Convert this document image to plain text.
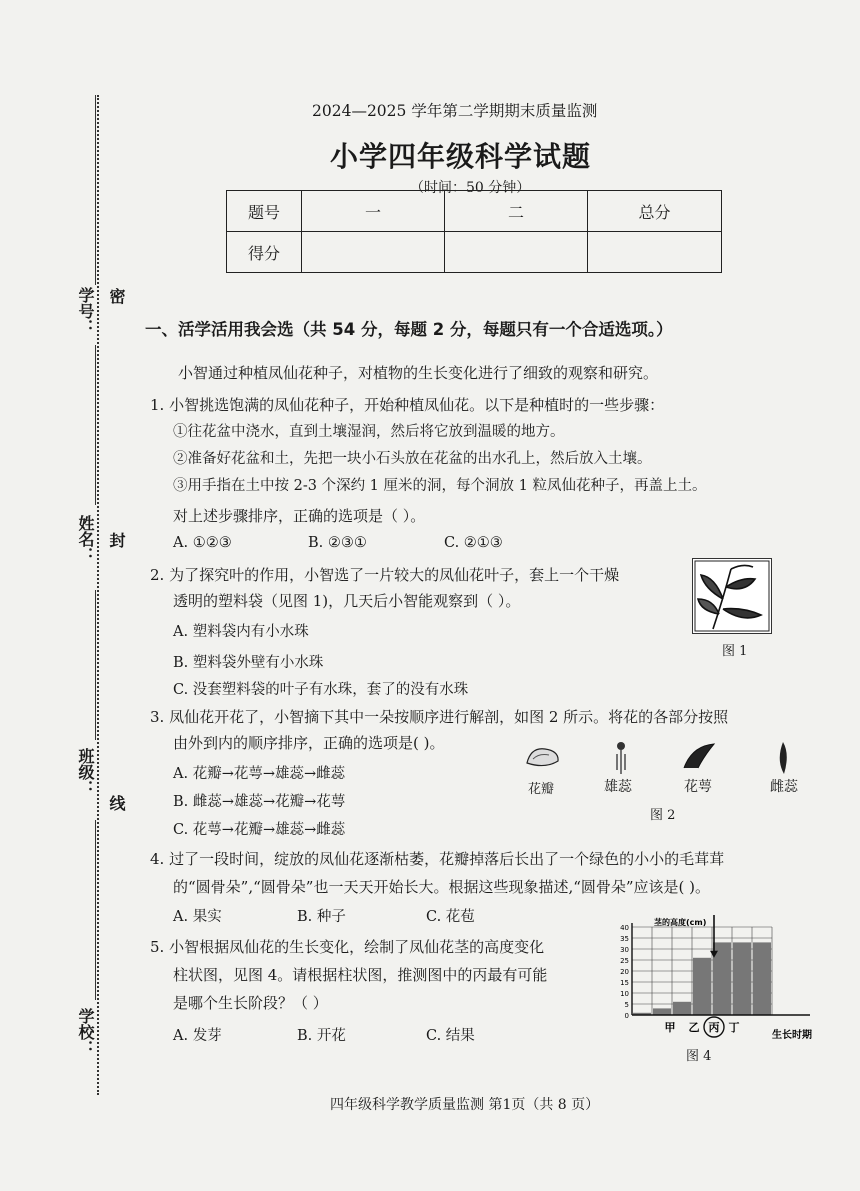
学号： 密
姓名： 封
班级：
线
学校：
2024—2025 学年第二学期期末质量监测
小学四年级科学试题
（时间：50 分钟）
题号	一	二	总分
得分			
一、活学活用我会选（共 54 分，每题 2 分，每题只有一个合适选项。）
小智通过种植凤仙花种子，对植物的生长变化进行了细致的观察和研究。
1. 小智挑选饱满的凤仙花种子，开始种植凤仙花。以下是种植时的一些步骤：
①往花盆中浇水，直到土壤湿润，然后将它放到温暖的地方。
②准备好花盆和土，先把一块小石头放在花盆的出水孔上，然后放入土壤。
③用手指在土中按 2-3 个深约 1 厘米的洞，每个洞放 1 粒凤仙花种子，再盖上土。
对上述步骤排序，正确的选项是（ ）。
A. ①②③	B. ②③①	C. ②①③
2. 为了探究叶的作用，小智选了一片较大的凤仙花叶子，套上一个干燥
透明的塑料袋（见图 1)，几天后小智能观察到（ ）。
A. 塑料袋内有小水珠
B. 塑料袋外壁有小水珠
C. 没套塑料袋的叶子有水珠，套了的没有水珠
图 1
3. 凤仙花开花了，小智摘下其中一朵按顺序进行解剖，如图 2 所示。将花的各部分按照
由外到内的顺序排序，正确的选项是( )。
A. 花瓣→花萼→雄蕊→雌蕊
B. 雌蕊→雄蕊→花瓣→花萼
C. 花萼→花瓣→雄蕊→雌蕊
花瓣	雄蕊	花萼	雌蕊
图 2
4. 过了一段时间，绽放的凤仙花逐渐枯萎，花瓣掉落后长出了一个绿色的小小的毛茸茸
的“圆骨朵”,“圆骨朵”也一天天开始长大。根据这些现象描述,“圆骨朵”应该是( )。
A. 果实	B. 种子	C. 花苞
5. 小智根据凤仙花的生长变化，绘制了凤仙花茎的高度变化
柱状图，见图 4。请根据柱状图，推测图中的丙最有可能
是哪个生长阶段？（ ）
A. 发芽	B. 开花	C. 结果
0
5
10
15
20
25
30
35
40
甲 乙 丙 丁
茎的高度(cm)
生长时期
图 4
四年级科学教学质量监测 第1页（共 8 页）
